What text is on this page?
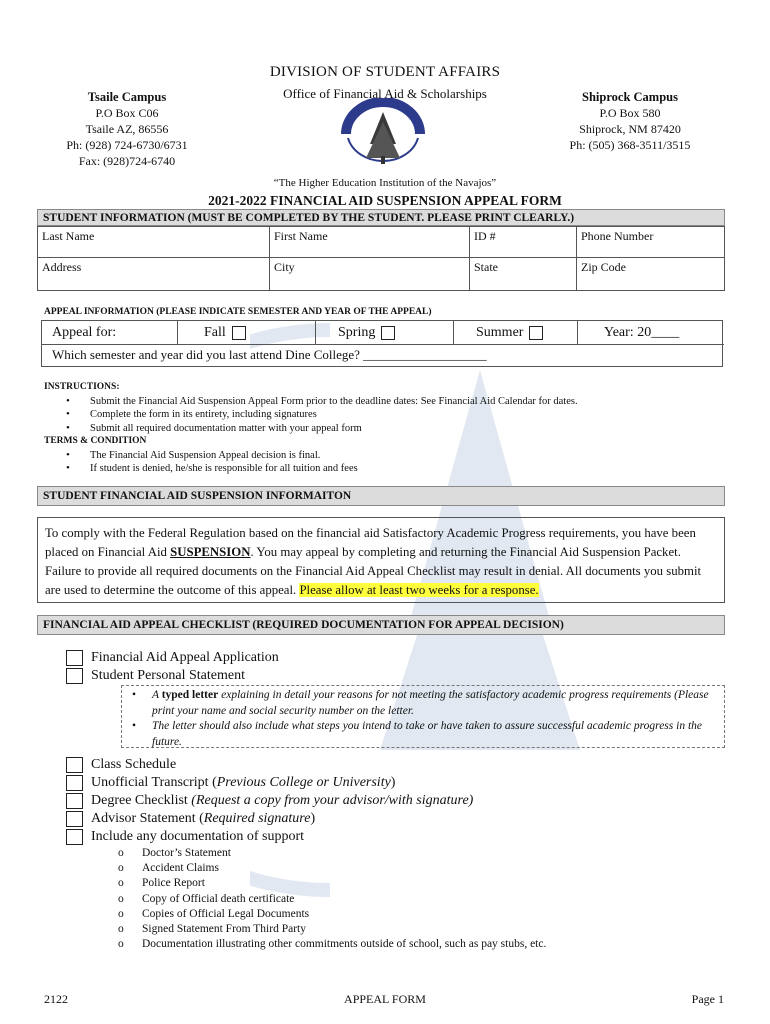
DIVISION OF STUDENT AFFAIRS
Office of Financial Aid & Scholarships
Tsaile Campus
P.O Box C06
Tsaile AZ, 86556
Ph: (928) 724-6730/6731
Fax: (928)724-6740
Shiprock Campus
P.O Box 580
Shiprock, NM 87420
Ph: (505) 368-3511/3515
“The Higher Education Institution of the Navajos”
2021-2022 FINANCIAL AID SUSPENSION APPEAL FORM
STUDENT INFORMATION (MUST BE COMPLETED BY THE STUDENT. PLEASE PRINT CLEARLY.)
Last Name	First Name	ID #	Phone Number
Address	City	State	Zip Code
APPEAL INFORMATION (PLEASE INDICATE SEMESTER AND YEAR OF THE APPEAL)
Appeal for:	Fall	Spring	Summer	Year: 20____
Which semester and year did you last attend Dine College? ___________________
INSTRUCTIONS:
• Submit the Financial Aid Suspension Appeal Form prior to the deadline dates: See Financial Aid Calendar for dates.
• Complete the form in its entirety, including signatures
• Submit all required documentation matter with your appeal form
TERMS & CONDITION
• The Financial Aid Suspension Appeal decision is final.
• If student is denied, he/she is responsible for all tuition and fees
STUDENT FINANCIAL AID SUSPENSION INFORMAITON
To comply with the Federal Regulation based on the financial aid Satisfactory Academic Progress requirements, you have been placed on Financial Aid SUSPENSION. You may appeal by completing and returning the Financial Aid Suspension Packet. Failure to provide all required documents on the Financial Aid Appeal Checklist may result in denial. All documents you submit are used to determine the outcome of this appeal. Please allow at least two weeks for a response.
FINANCIAL AID APPEAL CHECKLIST (REQUIRED DOCUMENTATION FOR APPEAL DECISION)
Financial Aid Appeal Application
Student Personal Statement
• A typed letter explaining in detail your reasons for not meeting the satisfactory academic progress requirements (Please print your name and social security number on the letter.
• The letter should also include what steps you intend to take or have taken to assure successful academic progress in the future.
Class Schedule
Unofficial Transcript (Previous College or University)
Degree Checklist (Request a copy from your advisor/with signature)
Advisor Statement (Required signature)
Include any documentation of support
o Doctor’s Statement
o Accident Claims
o Police Report
o Copy of Official death certificate
o Copies of Official Legal Documents
o Signed Statement From Third Party
o Documentation illustrating other commitments outside of school, such as pay stubs, etc.
2122	APPEAL FORM	Page 1
